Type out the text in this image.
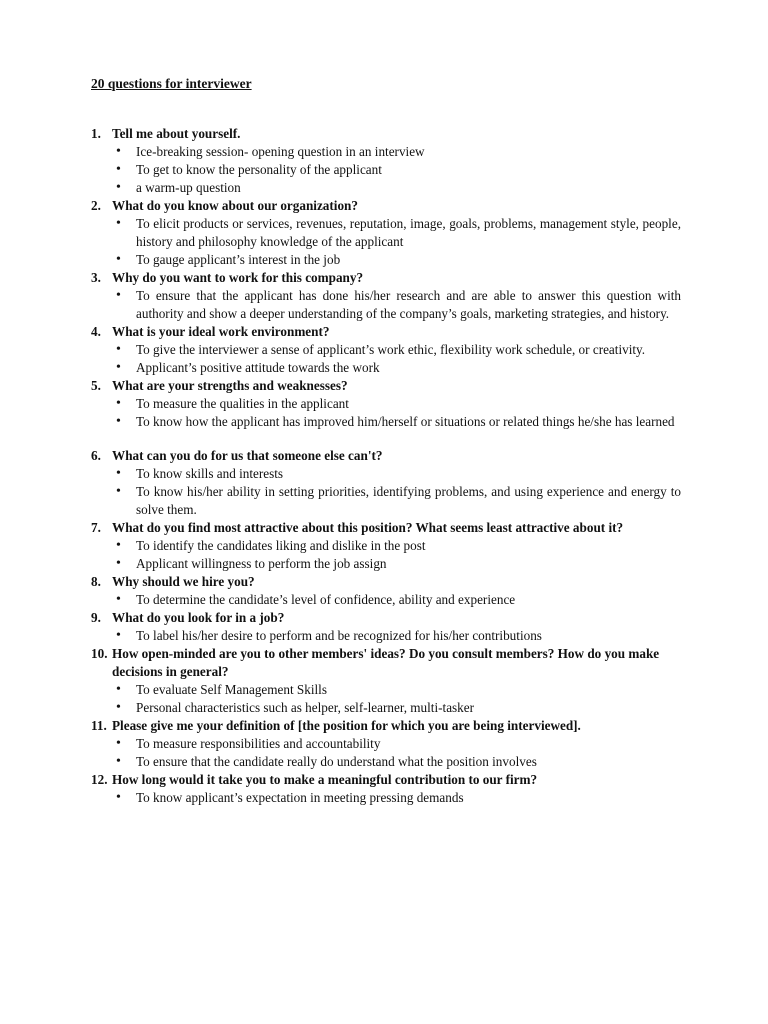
20 questions for interviewer
1. Tell me about yourself.
• Ice-breaking session- opening question in an interview
• To get to know the personality of the applicant
• a warm-up question
2. What do you know about our organization?
• To elicit products or services, revenues, reputation, image, goals, problems, management style, people, history and philosophy knowledge of the applicant
• To gauge applicant’s interest in the job
3. Why do you want to work for this company?
• To ensure that the applicant has done his/her research and are able to answer this question with authority and show a deeper understanding of the company’s goals, marketing strategies, and history.
4. What is your ideal work environment?
• To give the interviewer a sense of applicant’s work ethic, flexibility work schedule, or creativity.
• Applicant’s positive attitude towards the work
5. What are your strengths and weaknesses?
• To measure the qualities in the applicant
• To know how the applicant has improved him/herself or situations or related things he/she has learned
6. What can you do for us that someone else can't?
• To know skills and interests
• To know his/her ability in setting priorities, identifying problems, and using experience and energy to solve them.
7. What do you find most attractive about this position? What seems least attractive about it?
• To identify the candidates liking and dislike in the post
• Applicant willingness to perform the job assign
8. Why should we hire you?
• To determine the candidate’s level of confidence, ability and experience
9. What do you look for in a job?
• To label his/her desire to perform and be recognized for his/her contributions
10. How open-minded are you to other members' ideas? Do you consult members? How do you make decisions in general?
• To evaluate Self Management Skills
• Personal characteristics such as helper, self-learner, multi-tasker
11. Please give me your definition of [the position for which you are being interviewed].
• To measure responsibilities and accountability
• To ensure that the candidate really do understand what the position involves
12. How long would it take you to make a meaningful contribution to our firm?
• To know applicant’s expectation in meeting pressing demands
